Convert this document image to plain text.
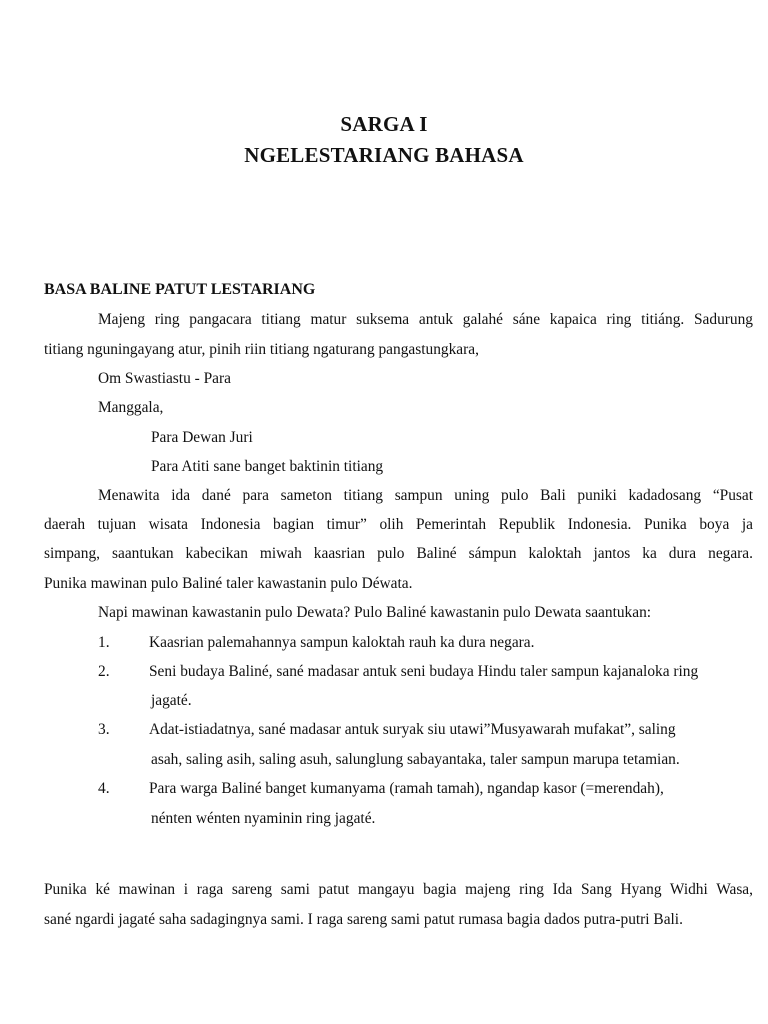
SARGA I
NGELESTARIANG BAHASA
BASA BALINE PATUT LESTARIANG
Majeng ring pangacara titiang matur suksema antuk galahé sáne kapaica ring titiáng. Sadurung
titiang nguningayang atur, pinih riin titiang ngaturang pangastungkara,
Om Swastiastu - Para
Manggala,
Para Dewan Juri
Para Atiti sane banget baktinin titiang
Menawita ida dané para sameton titiang sampun uning pulo Bali puniki kadadosang “Pusat
daerah tujuan wisata Indonesia bagian timur” olih Pemerintah Republik Indonesia. Punika boya ja
simpang, saantukan kabecikan miwah kaasrian pulo Baliné sámpun kaloktah jantos ka dura negara.
Punika mawinan pulo Baliné taler kawastanin pulo Déwata.
Napi mawinan kawastanin pulo Dewata? Pulo Baliné kawastanin pulo Dewata saantukan:
1.	Kaasrian palemahannya sampun kaloktah rauh ka dura negara.
2.	Seni budaya Baliné, sané madasar antuk seni budaya Hindu taler sampun kajanaloka ring
jagaté.
3.	Adat-istiadatnya, sané madasar antuk suryak siu utawi”Musyawarah mufakat”, saling
asah, saling asih, saling asuh, salunglung sabayantaka, taler sampun marupa tetamian.
4.	Para warga Baliné banget kumanyama (ramah tamah), ngandap kasor (=merendah),
nénten wénten nyaminin ring jagaté.
Punika ké mawinan i raga sareng sami patut mangayu bagia majeng ring Ida Sang Hyang Widhi Wasa,
sané ngardi jagaté saha sadagingnya sami. I raga sareng sami patut rumasa bagia dados putra-putri Bali.
